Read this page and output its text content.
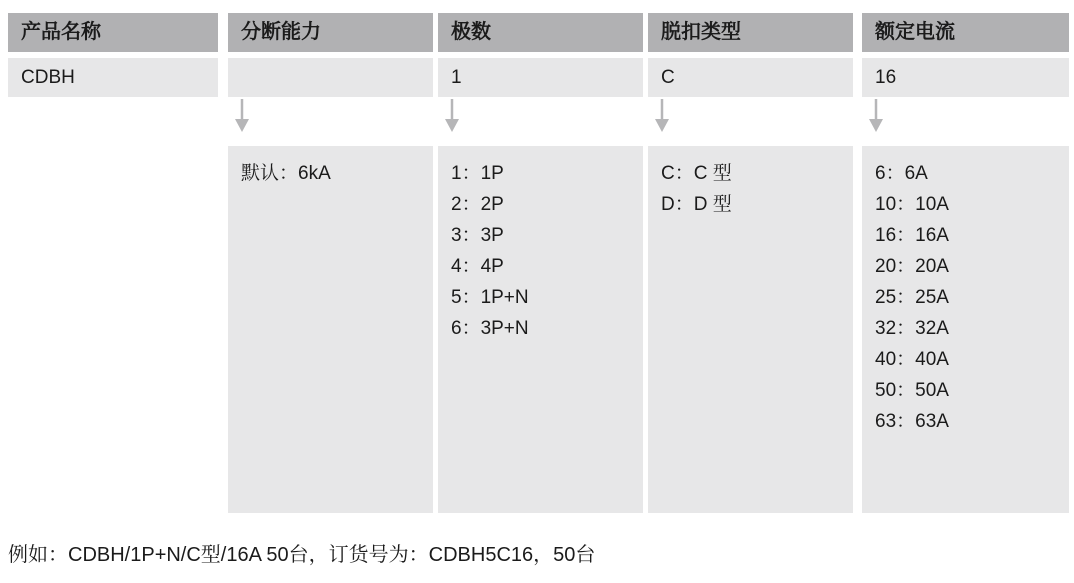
产品名称
CDBH
分断能力
默认：6kA
极数
1
1：1P
2：2P
3：3P
4：4P
5：1P+N
6：3P+N
脱扣类型
C
C：C 型
D：D 型
额定电流
16
6：6A
10：10A
16：16A
20：20A
25：25A
32：32A
40：40A
50：50A
63：63A
例如：CDBH/1P+N/C型/16A 50台，订货号为：CDBH5C16，50台
